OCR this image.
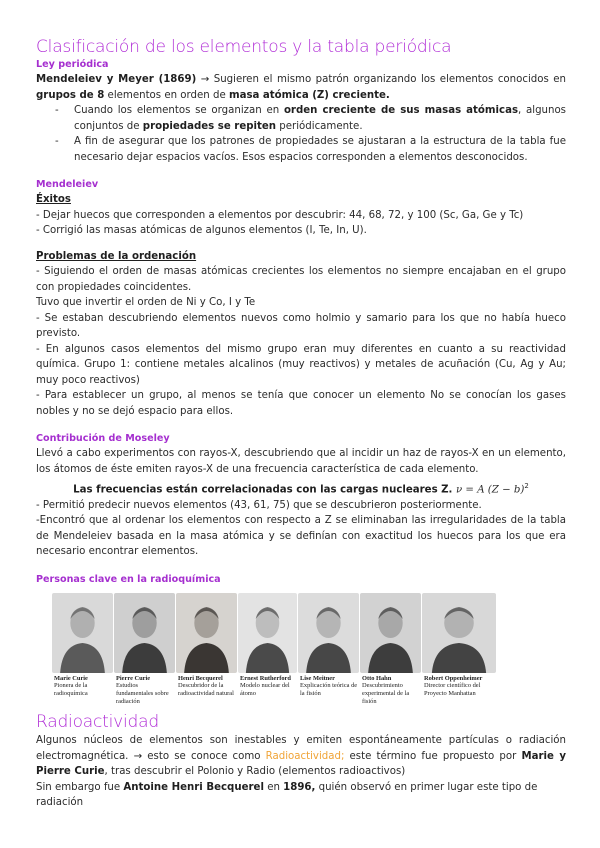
Clasificación de los elementos y la tabla periódica

Ley periódica

Mendeleiev y Meyer (1869) → Sugieren el mismo patrón organizando los elementos conocidos en grupos de 8 elementos en orden de masa atómica (Z) creciente.

- Cuando los elementos se organizan en orden creciente de sus masas atómicas, algunos conjuntos de propiedades se repiten periódicamente.
- A fin de asegurar que los patrones de propiedades se ajustaran a la estructura de la tabla fue necesario dejar espacios vacíos. Esos espacios corresponden a elementos desconocidos.

Mendeleiev

Éxitos

- Dejar huecos que corresponden a elementos por descubrir: 44, 68, 72, y 100 (Sc, Ga, Ge y Tc)

- Corrigió las masas atómicas de algunos elementos (I, Te, In, U).

Problemas de la ordenación

- Siguiendo el orden de masas atómicas crecientes los elementos no siempre encajaban en el grupo con propiedades coincidentes.

Tuvo que invertir el orden de Ni y Co, I y Te

- Se estaban descubriendo elementos nuevos como holmio y samario para los que no había hueco previsto.

- En algunos casos elementos del mismo grupo eran muy diferentes en cuanto a su reactividad química. Grupo 1: contiene metales alcalinos (muy reactivos) y metales de acuñación (Cu, Ag y Au; muy poco reactivos)

- Para establecer un grupo, al menos se tenía que conocer un elemento No se conocían los gases nobles y no se dejó espacio para ellos.

Contribución de Moseley

Llevó a cabo experimentos con rayos-X, descubriendo que al incidir un haz de rayos-X en un elemento, los átomos de éste emiten rayos-X de una frecuencia característica de cada elemento.

Las frecuencias están correlacionadas con las cargas nucleares Z. ν = A $(Z - b)^2$

- Permitió predecir nuevos elementos (43, 61, 75) que se descubrieron posteriormente.

-Encontró que al ordenar los elementos con respecto a Z se eliminaban las irregularidades de la tabla de Mendeleiev basada en la masa atómica y se definían con exactitud los huecos para los que era necesario encontrar elementos.

Personas clave en la radioquímica

Marie Curie
Pionera de la radioquímica
Pierre Curie
Estudios fundamentales sobre radiación
Henri Becquerel
Descubridor de la radioactividad natural
Ernest Rutherford
Modelo nuclear del átomo
Lise Meitner
Explicación teórica de la fisión
Otto Hahn
Descubrimiento experimental de la fisión
Robert Oppenheimer
Director científico del Proyecto Manhattan
Radioactividad

Algunos núcleos de elementos son inestables y emiten espontáneamente partículas o radiación electromagnética. → esto se conoce como Radioactividad; este término fue propuesto por Marie y Pierre Curie, tras descubrir el Polonio y Radio (elementos radioactivos)

Sin embargo fue Antoine Henri Becquerel en 1896, quién observó en primer lugar este tipo de radiación
